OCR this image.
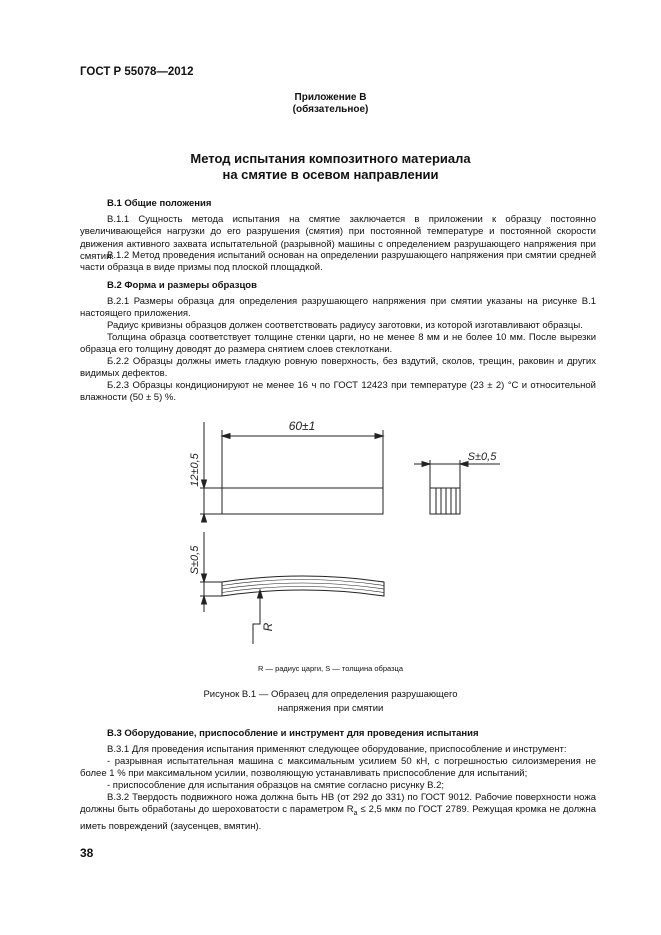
ГОСТ Р 55078—2012
Приложение В
(обязательное)
Метод испытания композитного материала
на смятие в осевом направлении
В.1 Общие положения
В.1.1 Сущность метода испытания на смятие заключается в приложении к образцу постоянно увеличивающейся нагрузки до его разрушения (смятия) при постоянной температуре и постоянной скорости движения активного захвата испытательной (разрывной) машины с определением разрушающего напряжения при смятии.
В.1.2 Метод проведения испытаний основан на определении разрушающего напряжения при смятии средней части образца в виде призмы под плоской площадкой.
В.2 Форма и размеры образцов
В.2.1 Размеры образца для определения разрушающего напряжения при смятии указаны на рисунке В.1 настоящего приложения.
Радиус кривизны образцов должен соответствовать радиусу заготовки, из которой изготавливают образцы.
Толщина образца соответствует толщине стенки царги, но не менее 8 мм и не более 10 мм. После вырезки образца его толщину доводят до размера снятием слоев стеклоткани.
Б.2.2 Образцы должны иметь гладкую ровную поверхность, без вздутий, сколов, трещин, раковин и других видимых дефектов.
Б.2.3 Образцы кондиционируют не менее 16 ч по ГОСТ 12423 при температуре (23 ± 2) °С и относительной влажности (50 ± 5) %.
60±1
12±0,5	S±0,5
S±0,5
R
R — радиус царги, S — толщина образца
Рисунок В.1 — Образец для определения разрушающего
напряжения при смятии
В.3 Оборудование, приспособление и инструмент для проведения испытания
В.3.1 Для проведения испытания применяют следующее оборудование, приспособление и инструмент:
- разрывная испытательная машина с максимальным усилием 50 кН, с погрешностью силоизмерения не более 1 % при максимальном усилии, позволяющую устанавливать приспособление для испытаний;
- приспособление для испытания образцов на смятие согласно рисунку В.2;
В.3.2 Твердость подвижного ножа должна быть НВ (от 292 до 331) по ГОСТ 9012. Рабочие поверхности ножа должны быть обработаны до шероховатости с параметром $R_a \le 2,5$ мкм по ГОСТ 2789. Режущая кромка не должна иметь повреждений (заусенцев, вмятин).
38
